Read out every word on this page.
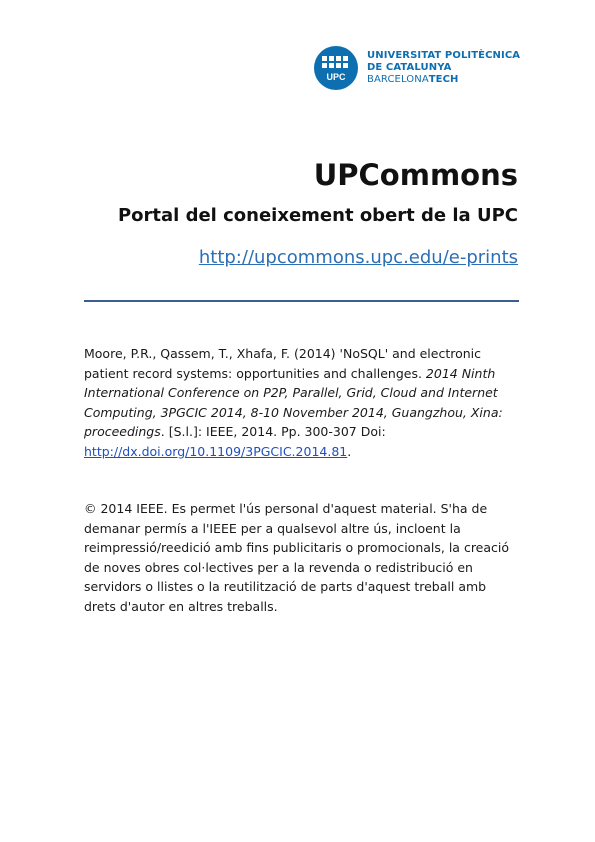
UPC
UNIVERSITAT POLITÈCNICA
DE CATALUNYA
BARCELONATECH
UPCommons
Portal del coneixement obert de la UPC
http://upcommons.upc.edu/e-prints

Moore, P.R., Qassem, T., Xhafa, F. (2014) 'NoSQL' and electronic patient record systems: opportunities and challenges. 2014 Ninth International Conference on P2P, Parallel, Grid, Cloud and Internet Computing, 3PGCIC 2014, 8-10 November 2014, Guangzhou, Xina: proceedings. [S.l.]: IEEE, 2014. Pp. 300-307 Doi: http://dx.doi.org/10.1109/3PGCIC.2014.81.

© 2014 IEEE. Es permet l'ús personal d'aquest material. S'ha de demanar permís a l'IEEE per a qualsevol altre ús, incloent la reimpressió/reedició amb fins publicitaris o promocionals, la creació de noves obres col·lectives per a la revenda o redistribució en servidors o llistes o la reutilització de parts d'aquest treball amb drets d'autor en altres treballs.
